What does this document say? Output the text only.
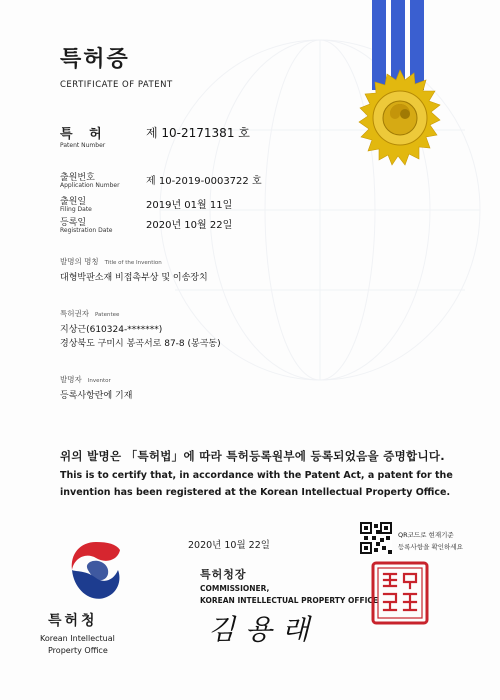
특허증
CERTIFICATE OF PATENT
특 허
Patent Number
제 10-2171381 호
출원번호
Application Number	제 10-2019-0003722 호
출원일
Filing Date	2019년 01월 11일
등록일
Registration Date	2020년 10월 22일
발명의 명칭 Title of the Invention
대형박판소재 비접촉부상 및 이송장치
특허권자 Patentee
지상근(610324-*******)
경상북도 구미시 봉곡서로 87-8 (봉곡동)
발명자 Inventor
등록사항란에 기재
위의 발명은 「특허법」에 따라 특허등록원부에 등록되었음을 증명합니다.
This is to certify that, in accordance with the Patent Act, a patent for the
invention has been registered at the Korean Intellectual Property Office.
2020년 10월 22일
QR코드로 현재기준
등록사항을 확인하세요
특허청
Korean Intellectual
Property Office
특허청장
COMMISSIONER,
KOREAN INTELLECTUAL PROPERTY OFFICE
김용래
